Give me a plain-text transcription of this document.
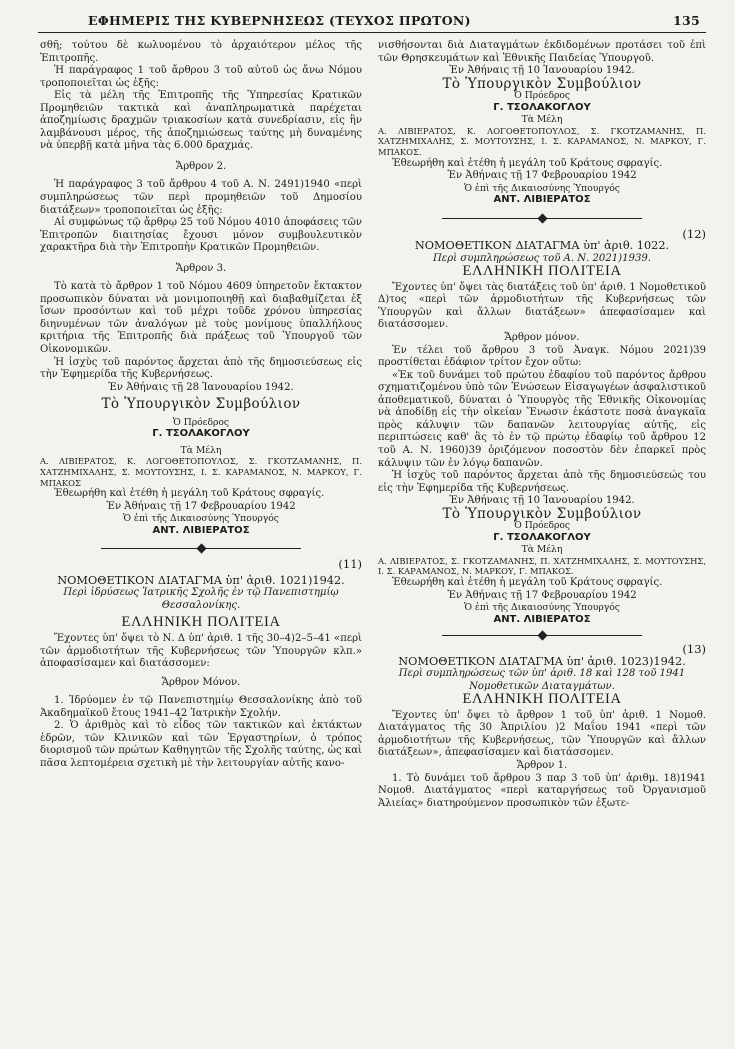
ΕΦΗΜΕΡΙΣ ΤΗΣ ΚΥΒΕΡΝΗΣΕΩΣ (ΤΕΥΧΟΣ ΠΡΩΤΟΝ)	135

σθῆ; τούτου δὲ κωλυομένου τὸ ἀρχαιότερον μέλος τῆς Ἐπιτροπῆς.

Ἡ παράγραφος 1 τοῦ ἄρθρου 3 τοῦ αὐτοῦ ὡς ἄνω Νόμου τροποποιεῖται ὡς ἑξῆς:

Εἰς τὰ μέλη τῆς Ἐπιτροπῆς τῆς Ὑπηρεσίας Κρατικῶν Προμηθειῶν τακτικὰ καὶ ἀναπληρωματικὰ παρέχεται ἀποζημίωσις δραχμῶν τριακοσίων κατὰ συνεδρίασιν, εἰς ἣν λαμβάνουσι μέρος, τῆς ἀποζημιώσεως ταύτης μὴ δυναμένης νὰ ὑπερβῇ κατὰ μῆνα τὰς 6.000 δραχμάς.

Ἄρθρον 2.

Ἡ παράγραφος 3 τοῦ ἄρθρου 4 τοῦ Α. Ν. 2491)1940 «περὶ συμπληρώσεως τῶν περὶ προμηθειῶν τοῦ Δημοσίου διατάξεων» τροποποιεῖται ὡς ἑξῆς:

Αἱ συμφώνως τῷ ἄρθρῳ 25 τοῦ Νόμου 4010 ἀποφάσεις τῶν Ἐπιτροπῶν διαιτησίας ἔχουσι μόνον συμβουλευτικὸν χαρακτῆρα διὰ τὴν Ἐπιτροπὴν Κρατικῶν Προμηθειῶν.

Ἄρθρον 3.

Τὸ κατὰ τὸ ἄρθρον 1 τοῦ Νόμου 4609 ὑπηρετοῦν ἔκτακτον προσωπικὸν δύναται νὰ μονιμοποιηθῇ καὶ διαβαθμίζεται ἐξ ἴσων προσόντων καὶ τοῦ μέχρι τοῦδε χρόνου ὑπηρεσίας διηνυμένων τῶν ἀναλόγων μὲ τοὺς μονίμους ὑπαλλήλους κριτήρια τῆς Ἐπιτροπῆς διὰ πράξεως τοῦ Ὑπουργοῦ τῶν Οἰκονομικῶν.

Ἡ ἰσχὺς τοῦ παρόντος ἄρχεται ἀπὸ τῆς δημοσιεύσεως εἰς τὴν Ἐφημερίδα τῆς Κυβερνήσεως.

Ἐν Ἀθήναις τῇ 28 Ἰανουαρίου 1942.

Τὸ Ὑπουργικὸν Συμβούλιον

Ὁ Πρόεδρος

Γ. ΤΣΟΛΑΚΟΓΛΟΥ

Τὰ Μέλη

Α. ΛΙΒΙΕΡΑΤΟΣ, Κ. ΛΟΓΟΘΕΤΟΠΟΥΛΟΣ, Σ. ΓΚΟΤΖΑΜΑΝΗΣ, Π. ΧΑΤΖΗΜΙΧΑΛΗΣ, Σ. ΜΟΥΤΟΥΣΗΣ, Ι. Σ. ΚΑΡΑΜΑΝΟΣ, Ν. ΜΑΡΚΟΥ, Γ. ΜΠΑΚΟΣ

Ἐθεωρήθη καὶ ἐτέθη ἡ μεγάλη τοῦ Κράτους σφραγίς.

Ἐν Ἀθήναις τῇ 17 Φεβρουαρίου 1942

Ὁ ἐπὶ τῆς Δικαιοσύνης Ὑπουργός

ΑΝΤ. ΛΙΒΙΕΡΑΤΟΣ

(11)

ΝΟΜΟΘΕΤΙΚΟΝ ΔΙΑΤΑΓΜΑ ὑπ' ἀριθ. 1021)1942.

Περὶ ἱδρύσεως Ἰατρικῆς Σχολῆς ἐν τῷ Πανεπιστημίῳ Θεσσαλονίκης.

ΕΛΛΗΝΙΚΗ ΠΟΛΙΤΕΙΑ

Ἔχοντες ὑπ' ὄψει τὸ Ν. Δ ὑπ' ἀριθ. 1 τῆς 30–4)2–5–41 «περὶ τῶν ἁρμοδιοτήτων τῆς Κυβερνήσεως τῶν Ὑπουργῶν κλπ.» ἀποφασίσαμεν καὶ διατάσσομεν:

Ἄρθρον Μόνον.

1. Ἱδρύομεν ἐν τῷ Πανεπιστημίῳ Θεσσαλονίκης ἀπὸ τοῦ Ἀκαδημαϊκοῦ ἔτους 1941–42 Ἰατρικὴν Σχολήν.

2. Ὁ ἀριθμὸς καὶ τὸ εἶδος τῶν τακτικῶν καὶ ἐκτάκτων ἑδρῶν, τῶν Κλινικῶν καὶ τῶν Ἐργαστηρίων, ὁ τρόπος διορισμοῦ τῶν πρώτων Καθηγητῶν τῆς Σχολῆς ταύτης, ὡς καὶ πᾶσα λεπτομέρεια σχετικὴ μὲ τὴν λειτουργίαν αὐτῆς κανο-

νισθήσονται διὰ Διαταγμάτων ἐκδιδομένων προτάσει τοῦ ἐπὶ τῶν Θρησκευμάτων καὶ Ἐθνικῆς Παιδείας Ὑπουργοῦ.

Ἐν Ἀθήναις τῇ 10 Ἰανουαρίου 1942.

Τὸ Ὑπουργικὸν Συμβούλιον

Ὁ Πρόεδρος

Γ. ΤΣΟΛΑΚΟΓΛΟΥ

Τὰ Μέλη

Α. ΛΙΒΙΕΡΑΤΟΣ, Κ. ΛΟΓΟΘΕΤΟΠΟΥΛΟΣ, Σ. ΓΚΟΤΖΑΜΑΝΗΣ, Π. ΧΑΤΖΗΜΙΧΑΛΗΣ, Σ. ΜΟΥΤΟΥΣΗΣ, Ι. Σ. ΚΑΡΑΜΑΝΟΣ, Ν. ΜΑΡΚΟΥ, Γ. ΜΠΑΚΟΣ.

Ἐθεωρήθη καὶ ἐτέθη ἡ μεγάλη τοῦ Κράτους σφραγίς.

Ἐν Ἀθήναις τῇ 17 Φεβρουαρίου 1942

Ὁ ἐπὶ τῆς Δικαιοσύνης Ὑπουργός

ΑΝΤ. ΛΙΒΙΕΡΑΤΟΣ

(12)

ΝΟΜΟΘΕΤΙΚΟΝ ΔΙΑΤΑΓΜΑ ὑπ' ἀριθ. 1022.

Περὶ συμπληρώσεως τοῦ Α. Ν. 2021)1939.

ΕΛΛΗΝΙΚΗ ΠΟΛΙΤΕΙΑ

Ἔχοντες ὑπ' ὄψει τὰς διατάξεις τοῦ ὑπ' ἀριθ. 1 Νομοθετικοῦ Δ)τος «περὶ τῶν ἁρμοδιοτήτων τῆς Κυβερνήσεως τῶν Ὑπουργῶν καὶ ἄλλων διατάξεων» ἀπεφασίσαμεν καὶ διατάσσομεν.

Ἄρθρον μόνον.

Ἐν τέλει τοῦ ἄρθρου 3 τοῦ Ἀναγκ. Νόμου 2021)39 προστίθεται ἐδάφιον τρίτον ἔχον οὕτω:

«Ἐκ τοῦ δυνάμει τοῦ πρώτου ἐδαφίου τοῦ παρόντος ἄρθρου σχηματιζομένου ὑπὸ τῶν Ἑνώσεων Εἰσαγωγέων ἀσφαλιστικοῦ ἀποθεματικοῦ, δύναται ὁ Ὑπουργὸς τῆς Ἐθνικῆς Οἰκονομίας νὰ ἀποδίδῃ εἰς τὴν οἰκείαν Ἕνωσιν ἑκάστοτε ποσὰ ἀναγκαῖα πρὸς κάλυψιν τῶν δαπανῶν λειτουργίας αὐτῆς, εἰς περιπτώσεις καθ' ἃς τὸ ἐν τῷ πρώτῳ ἐδαφίῳ τοῦ ἄρθρου 12 τοῦ Α. Ν. 1960)39 ὁριζόμενον ποσοστὸν δὲν ἐπαρκεῖ πρὸς κάλυψιν τῶν ἐν λόγῳ δαπανῶν.

Ἡ ἰσχὺς τοῦ παρόντος ἄρχεται ἀπὸ τῆς δημοσιεύσεώς του εἰς τὴν Ἐφημερίδα τῆς Κυβερνήσεως.

Ἐν Ἀθήναις τῇ 10 Ἰανουαρίου 1942.

Τὸ Ὑπουργικὸν Συμβούλιον

Ὁ Πρόεδρος

Γ. ΤΣΟΛΑΚΟΓΛΟΥ

Τὰ Μέλη

Α. ΛΙΒΙΕΡΑΤΟΣ, Σ. ΓΚΟΤΖΑΜΑΝΗΣ, Π. ΧΑΤΖΗΜΙΧΑΛΗΣ, Σ. ΜΟΥΤΟΥΣΗΣ, Ι. Σ. ΚΑΡΑΜΑΝΟΣ, Ν. ΜΑΡΚΟΥ, Γ. ΜΠΑΚΟΣ.

Ἐθεωρήθη καὶ ἐτέθη ἡ μεγάλη τοῦ Κράτους σφραγίς.

Ἐν Ἀθήναις τῇ 17 Φεβρουαρίου 1942

Ὁ ἐπὶ τῆς Δικαιοσύνης Ὑπουργός

ΑΝΤ. ΛΙΒΙΕΡΑΤΟΣ

(13)

ΝΟΜΟΘΕΤΙΚΟΝ ΔΙΑΤΑΓΜΑ ὑπ' ἀριθ. 1023)1942.

Περὶ συμπληρώσεως τῶν ὑπ' ἀριθ. 18 καὶ 128 τοῦ 1941 Νομοθετικῶν Διαταγμάτων.

ΕΛΛΗΝΙΚΗ ΠΟΛΙΤΕΙΑ

Ἔχοντες ὑπ' ὄψει τὸ ἄρθρον 1 τοῦ ὑπ' ἀριθ. 1 Νομοθ. Διατάγματος τῆς 30 Ἀπριλίου )2 Μαΐου 1941 «περὶ τῶν ἁρμοδιοτήτων τῆς Κυβερνήσεως, τῶν Ὑπουργῶν καὶ ἄλλων διατάξεων», ἀπεφασίσαμεν καὶ διατάσσομεν.

Ἄρθρον 1.

1. Τὸ δυνάμει τοῦ ἄρθρου 3 παρ 3 τοῦ ὑπ' ἀριθμ. 18)1941 Νομοθ. Διατάγματος «περὶ καταργήσεως τοῦ Ὀργανισμοῦ Ἀλιείας» διατηρούμενον προσωπικὸν τῶν ἐξωτε-
